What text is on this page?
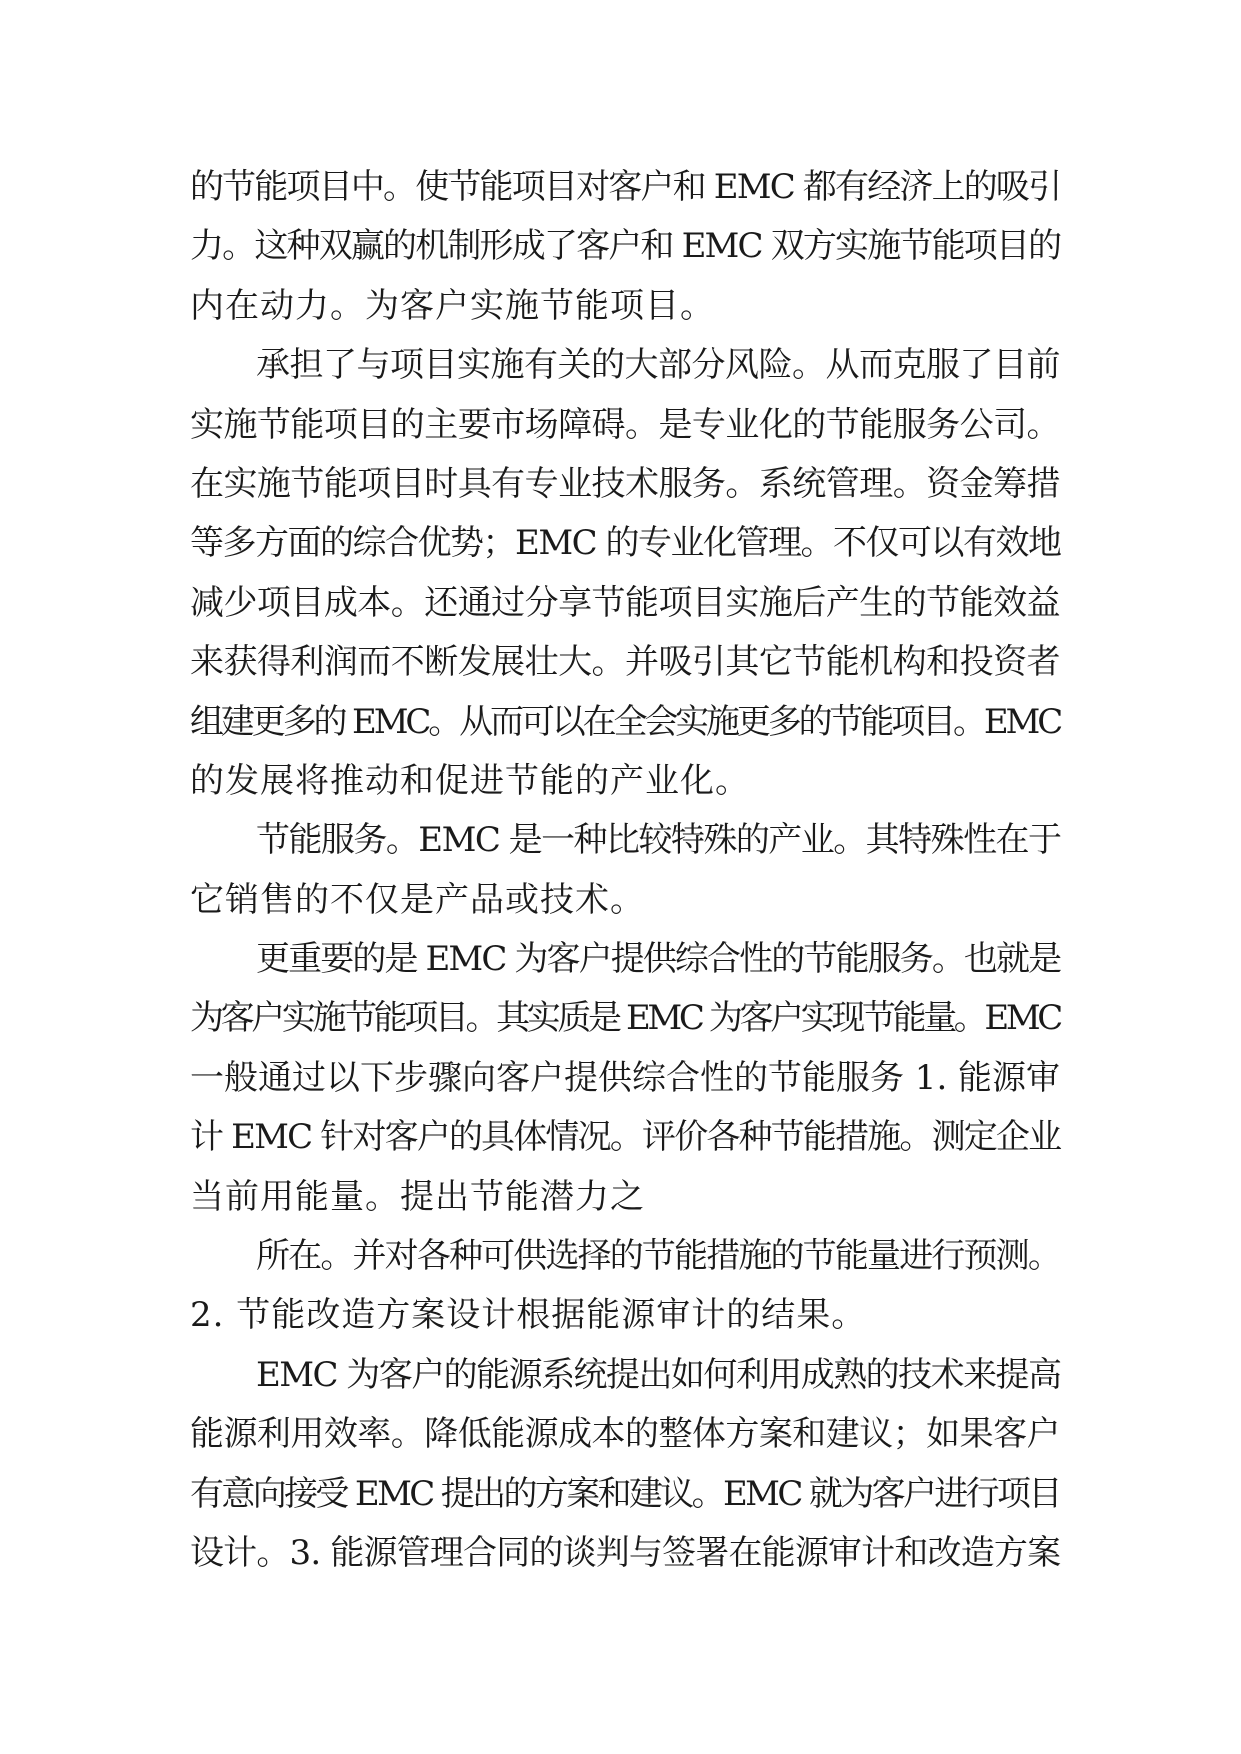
的节能项目中。使节能项目对客户和 EMC 都有经济上的吸引
力。这种双赢的机制形成了客户和 EMC 双方实施节能项目的
内在动力。为客户实施节能项目。
承担了与项目实施有关的大部分风险。从而克服了目前
实施节能项目的主要市场障碍。是专业化的节能服务公司。
在实施节能项目时具有专业技术服务。系统管理。资金筹措
等多方面的综合优势；EMC 的专业化管理。不仅可以有效地
减少项目成本。还通过分享节能项目实施后产生的节能效益
来获得利润而不断发展壮大。并吸引其它节能机构和投资者
组建更多的 EMC。从而可以在全会实施更多的节能项目。EMC
的发展将推动和促进节能的产业化。
节能服务。EMC 是一种比较特殊的产业。其特殊性在于
它销售的不仅是产品或技术。
更重要的是 EMC 为客户提供综合性的节能服务。也就是
为客户实施节能项目。其实质是 EMC 为客户实现节能量。EMC
一般通过以下步骤向客户提供综合性的节能服务 1. 能源审
计 EMC 针对客户的具体情况。评价各种节能措施。测定企业
当前用能量。提出节能潜力之
所在。并对各种可供选择的节能措施的节能量进行预测。
2. 节能改造方案设计根据能源审计的结果。
EMC 为客户的能源系统提出如何利用成熟的技术来提高
能源利用效率。降低能源成本的整体方案和建议；如果客户
有意向接受 EMC 提出的方案和建议。EMC 就为客户进行项目
设计。3. 能源管理合同的谈判与签署在能源审计和改造方案
